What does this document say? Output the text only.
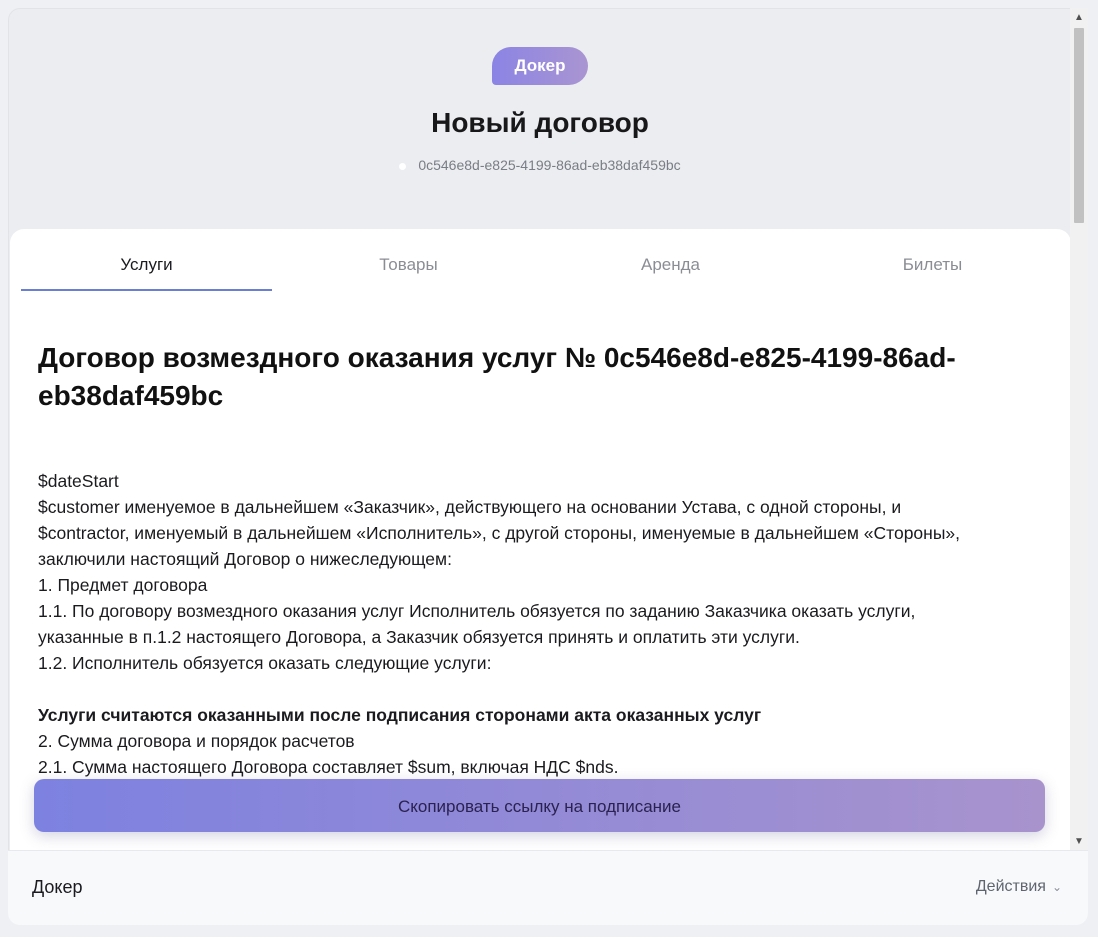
Докер
Новый договор
0c546e8d-e825-4199-86ad-eb38daf459bc
Услуги	Товары	Аренда	Билеты
Договор возмездного оказания услуг № 0c546e8d-e825-4199-86ad-
eb38daf459bc
$dateStart
$customer именуемое в дальнейшем «Заказчик», действующего на основании Устава, с одной стороны, и
$contractor, именуемый в дальнейшем «Исполнитель», с другой стороны, именуемые в дальнейшем «Стороны»,
заключили настоящий Договор о нижеследующем:
1. Предмет договора
1.1. По договору возмездного оказания услуг Исполнитель обязуется по заданию Заказчика оказать услуги,
указанные в п.1.2 настоящего Договора, а Заказчик обязуется принять и оплатить эти услуги.
1.2. Исполнитель обязуется оказать следующие услуги:
Услуги считаются оказанными после подписания сторонами акта оказанных услуг
2. Сумма договора и порядок расчетов
2.1. Сумма настоящего Договора составляет $sum, включая НДС $nds.
▲
▼
Скопировать ссылку на подписание
Докер	Действия ⌄
